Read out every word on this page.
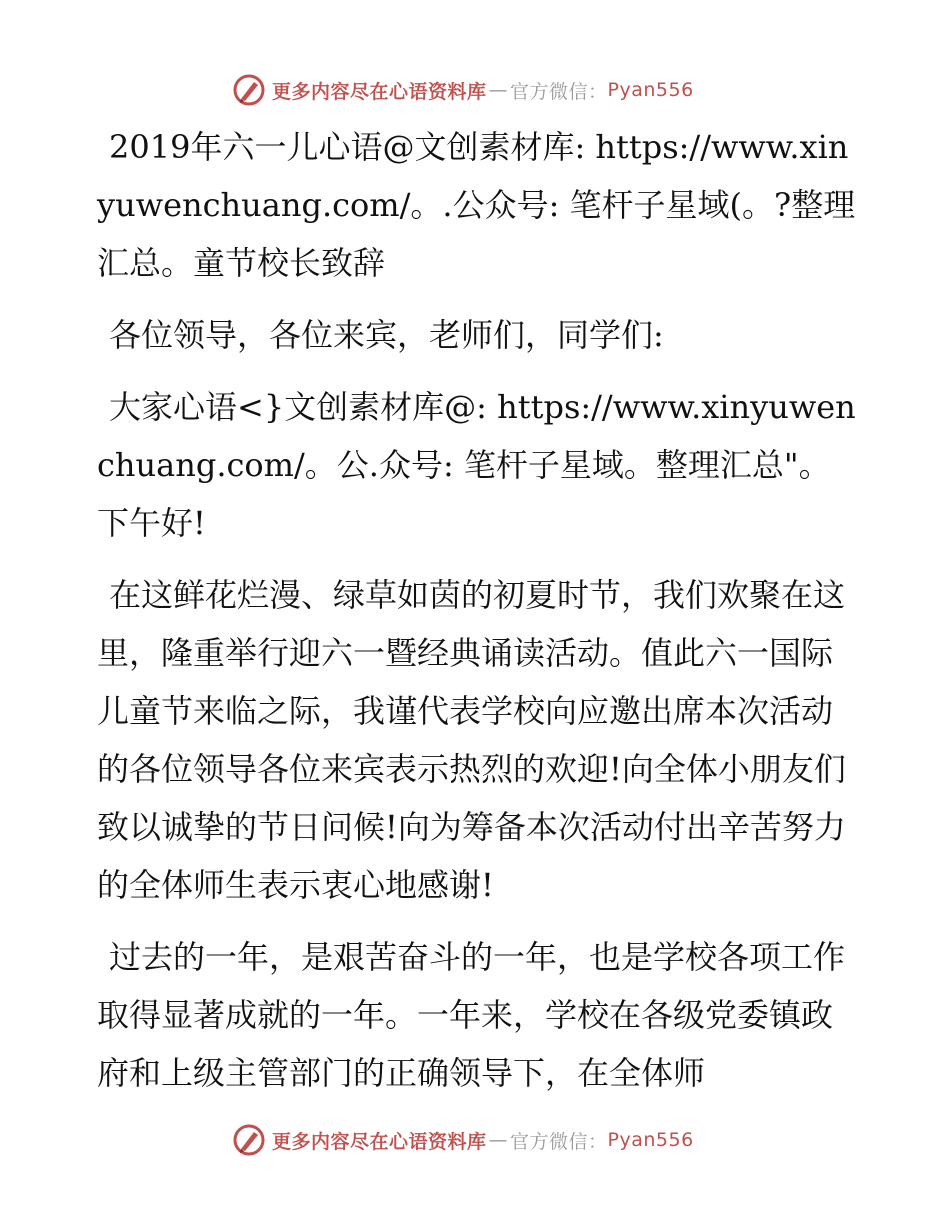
更多内容尽在心语资料库 — 官方微信： Pyan556

2019年六一儿心语@文创素材库: https://www.xinyuwenchuang.com/。.公众号: 笔杆子星域(。?整理汇总。童节校长致辞

各位领导，各位来宾，老师们，同学们:

大家心语<}文创素材库@: https://www.xinyuwenchuang.com/。公.众号: 笔杆子星域。整理汇总"。下午好!

在这鲜花烂漫、绿草如茵的初夏时节，我们欢聚在这里，隆重举行迎六一暨经典诵读活动。值此六一国际儿童节来临之际，我谨代表学校向应邀出席本次活动的各位领导各位来宾表示热烈的欢迎!向全体小朋友们致以诚挚的节日问候!向为筹备本次活动付出辛苦努力的全体师生表示衷心地感谢!

过去的一年，是艰苦奋斗的一年，也是学校各项工作取得显著成就的一年。一年来，学校在各级党委镇政府和上级主管部门的正确领导下，在全体师

更多内容尽在心语资料库 — 官方微信： Pyan556
